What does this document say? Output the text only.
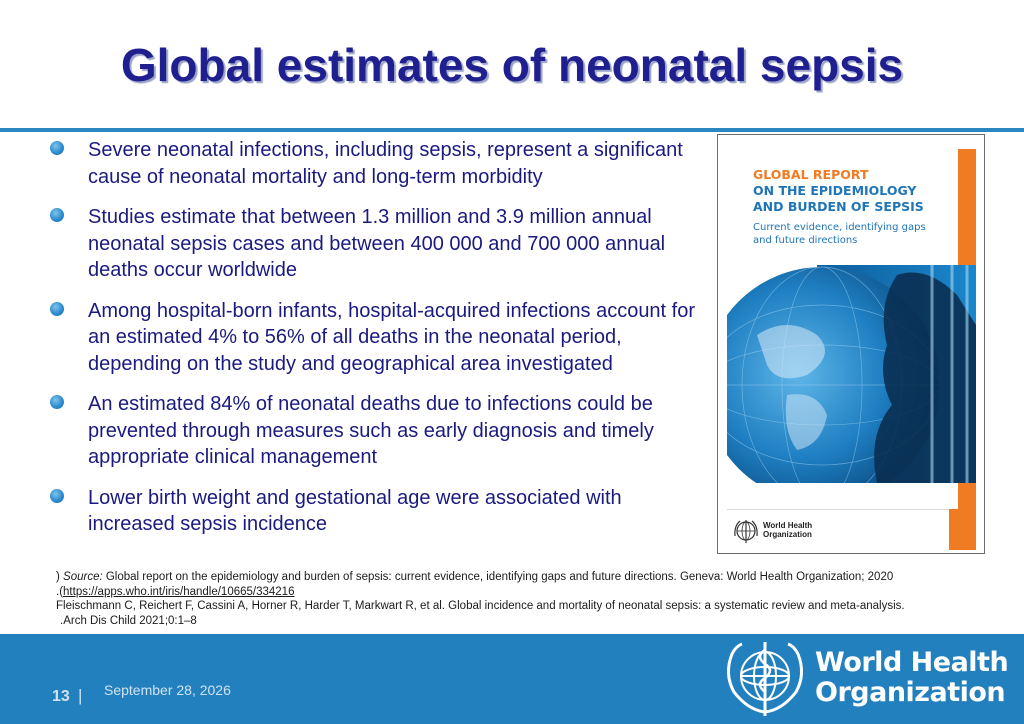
Global estimates of neonatal sepsis
Severe neonatal infections, including sepsis, represent a significant cause of neonatal mortality and long-term morbidity
Studies estimate that between 1.3 million and 3.9 million annual neonatal sepsis cases and between 400 000 and 700 000 annual deaths occur worldwide
Among hospital-born infants, hospital-acquired infections account for an estimated 4% to 56% of all deaths in the neonatal period, depending on the study and geographical area investigated
An estimated 84% of neonatal deaths due to infections could be prevented through measures such as early diagnosis and timely appropriate clinical management
Lower birth weight and gestational age were associated with increased sepsis incidence
GLOBAL REPORT
ON THE EPIDEMIOLOGY
AND BURDEN OF SEPSIS
Current evidence, identifying gaps
and future directions
World Health
Organization
) Source: Global report on the epidemiology and burden of sepsis: current evidence, identifying gaps and future directions. Geneva: World Health Organization; 2020
.(https://apps.who.int/iris/handle/10665/334216
Fleischmann C, Reichert F, Cassini A, Horner R, Harder T, Markwart R, et al. Global incidence and mortality of neonatal sepsis: a systematic review and meta-analysis.
.Arch Dis Child 2021;0:1–8
13 | September 28, 2026
World Health
Organization
